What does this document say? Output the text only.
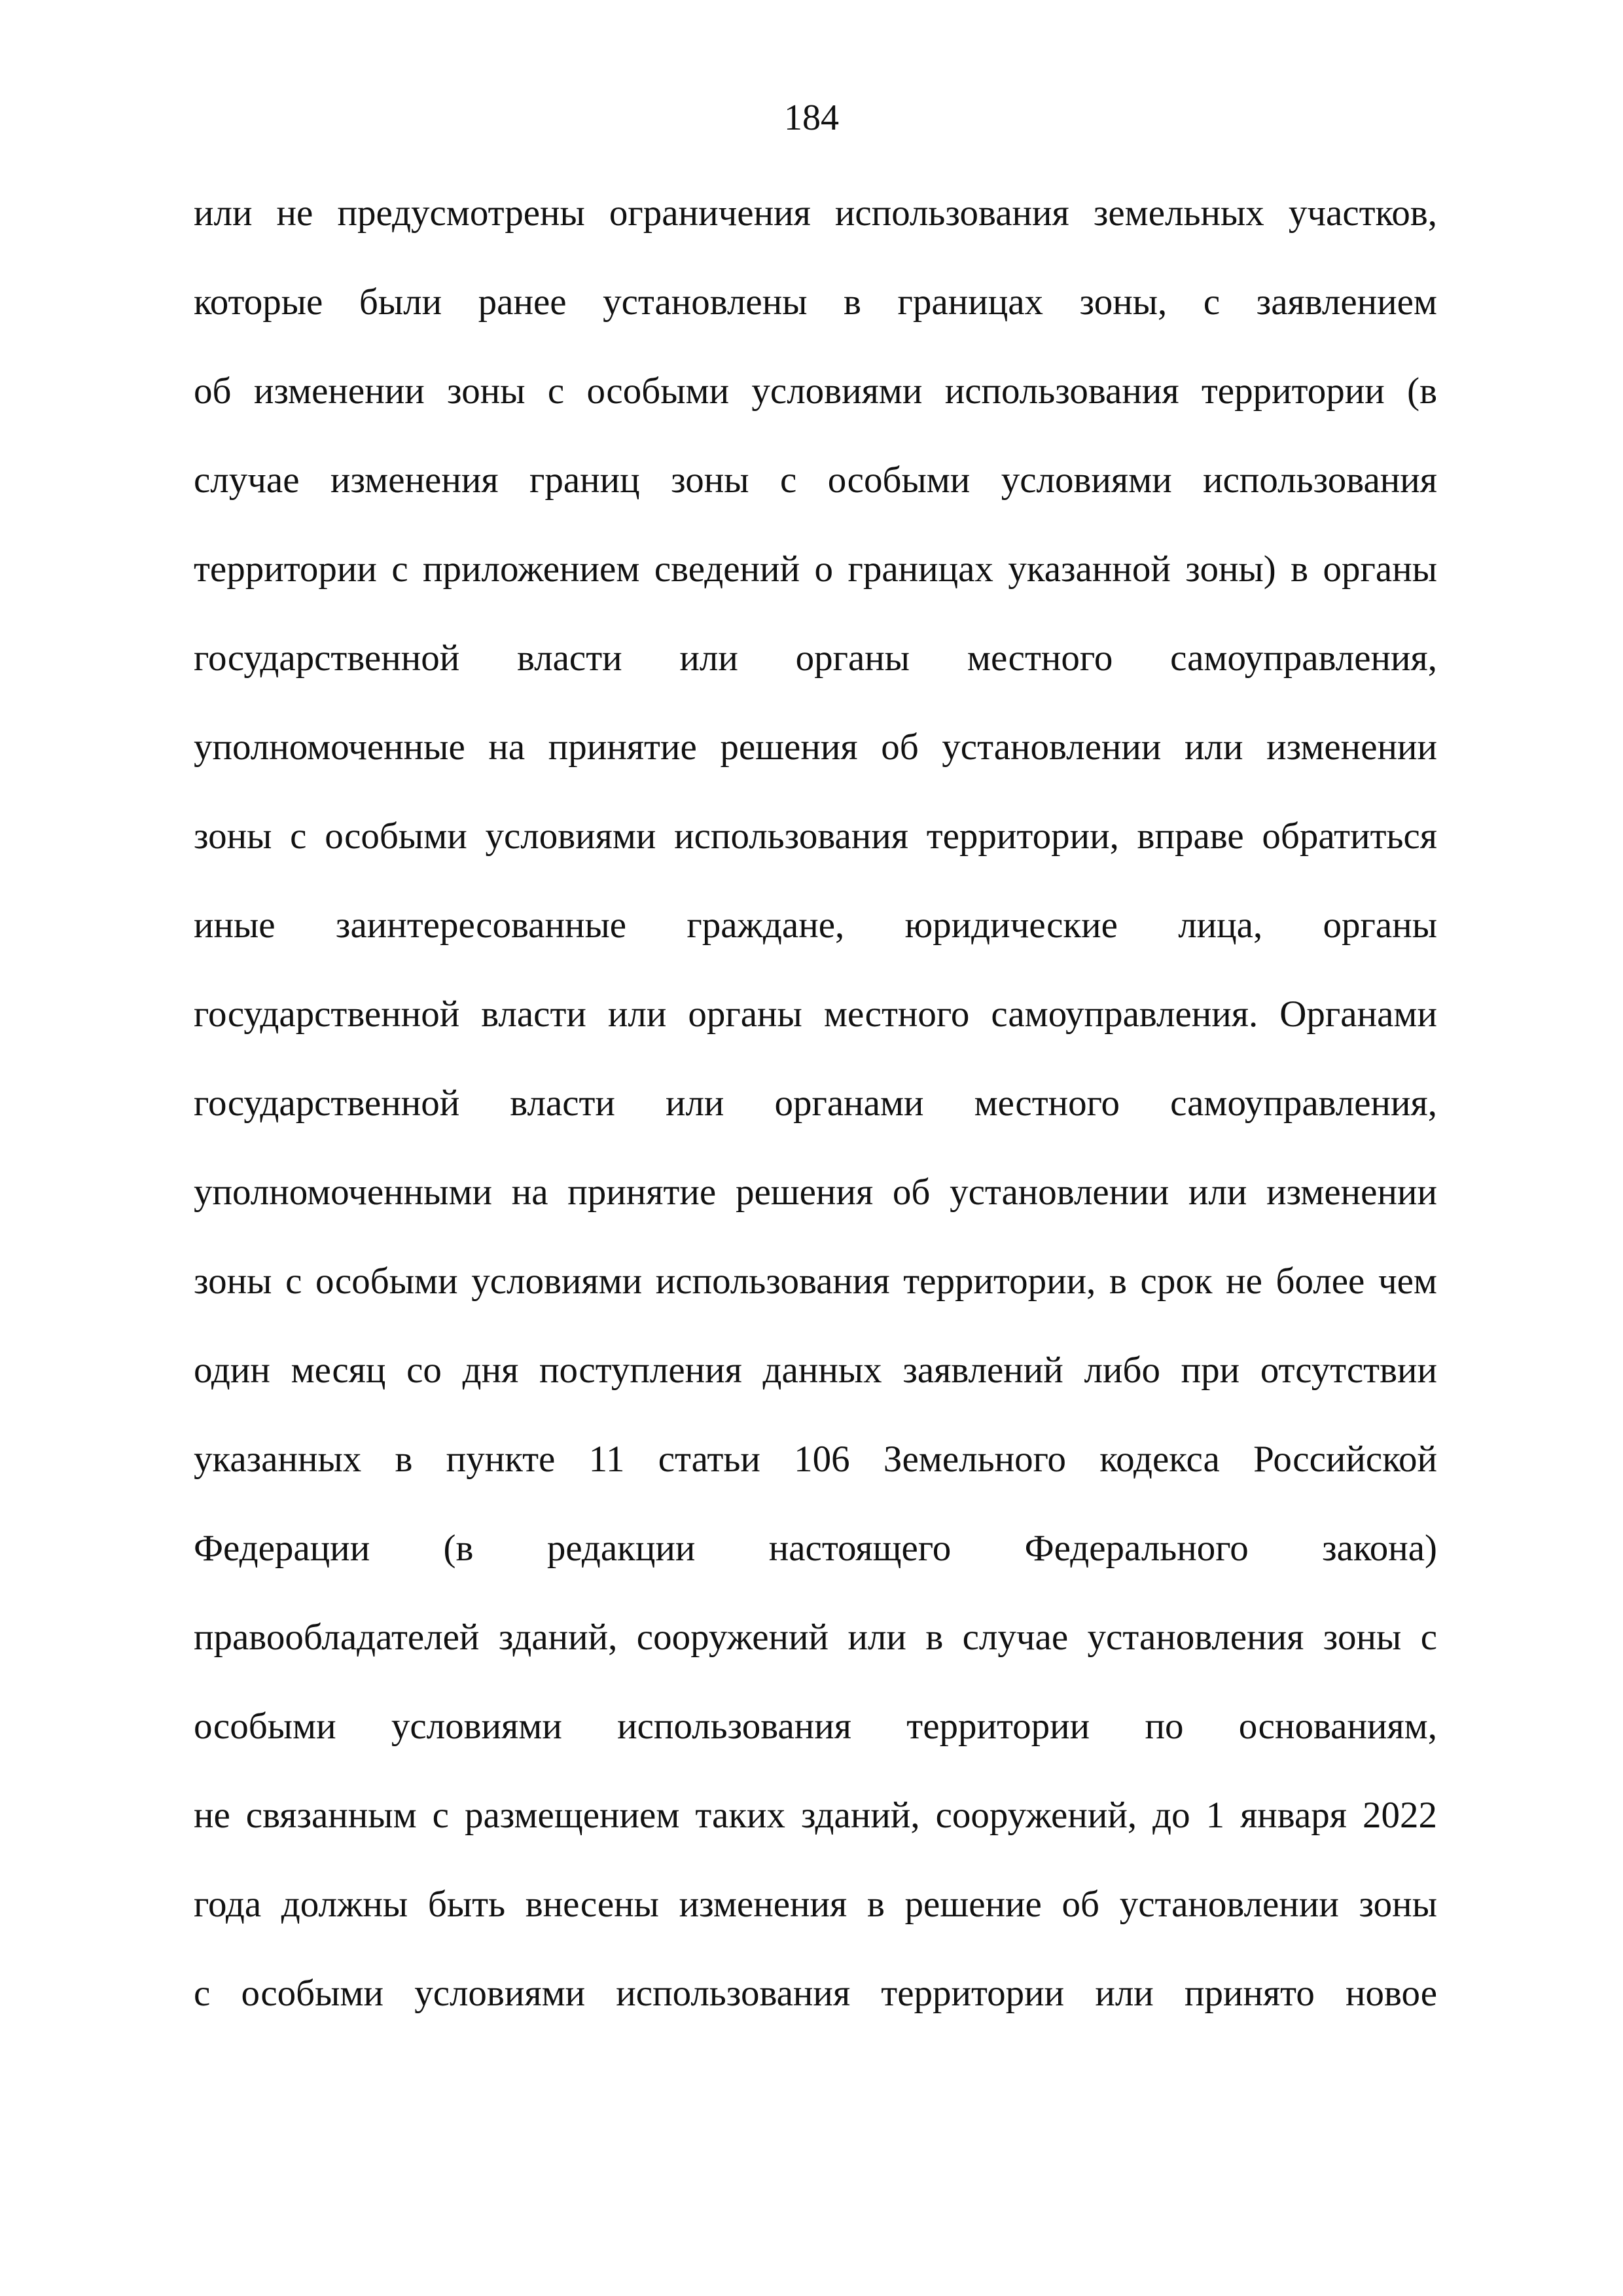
184
или не предусмотрены ограничения использования земельных участков,
которые были ранее установлены в границах зоны, с заявлением
об изменении зоны с особыми условиями использования территории (в
случае изменения границ зоны с особыми условиями использования
территории с приложением сведений о границах указанной зоны) в органы
государственной власти или органы местного самоуправления,
уполномоченные на принятие решения об установлении или изменении
зоны с особыми условиями использования территории, вправе обратиться
иные заинтересованные граждане, юридические лица, органы
государственной власти или органы местного самоуправления. Органами
государственной власти или органами местного самоуправления,
уполномоченными на принятие решения об установлении или изменении
зоны с особыми условиями использования территории, в срок не более чем
один месяц со дня поступления данных заявлений либо при отсутствии
указанных в пункте 11 статьи 106 Земельного кодекса Российской
Федерации (в редакции настоящего Федерального закона)
правообладателей зданий, сооружений или в случае установления зоны с
особыми условиями использования территории по основаниям,
не связанным с размещением таких зданий, сооружений, до 1 января 2022
года должны быть внесены изменения в решение об установлении зоны
с особыми условиями использования территории или принято новое
